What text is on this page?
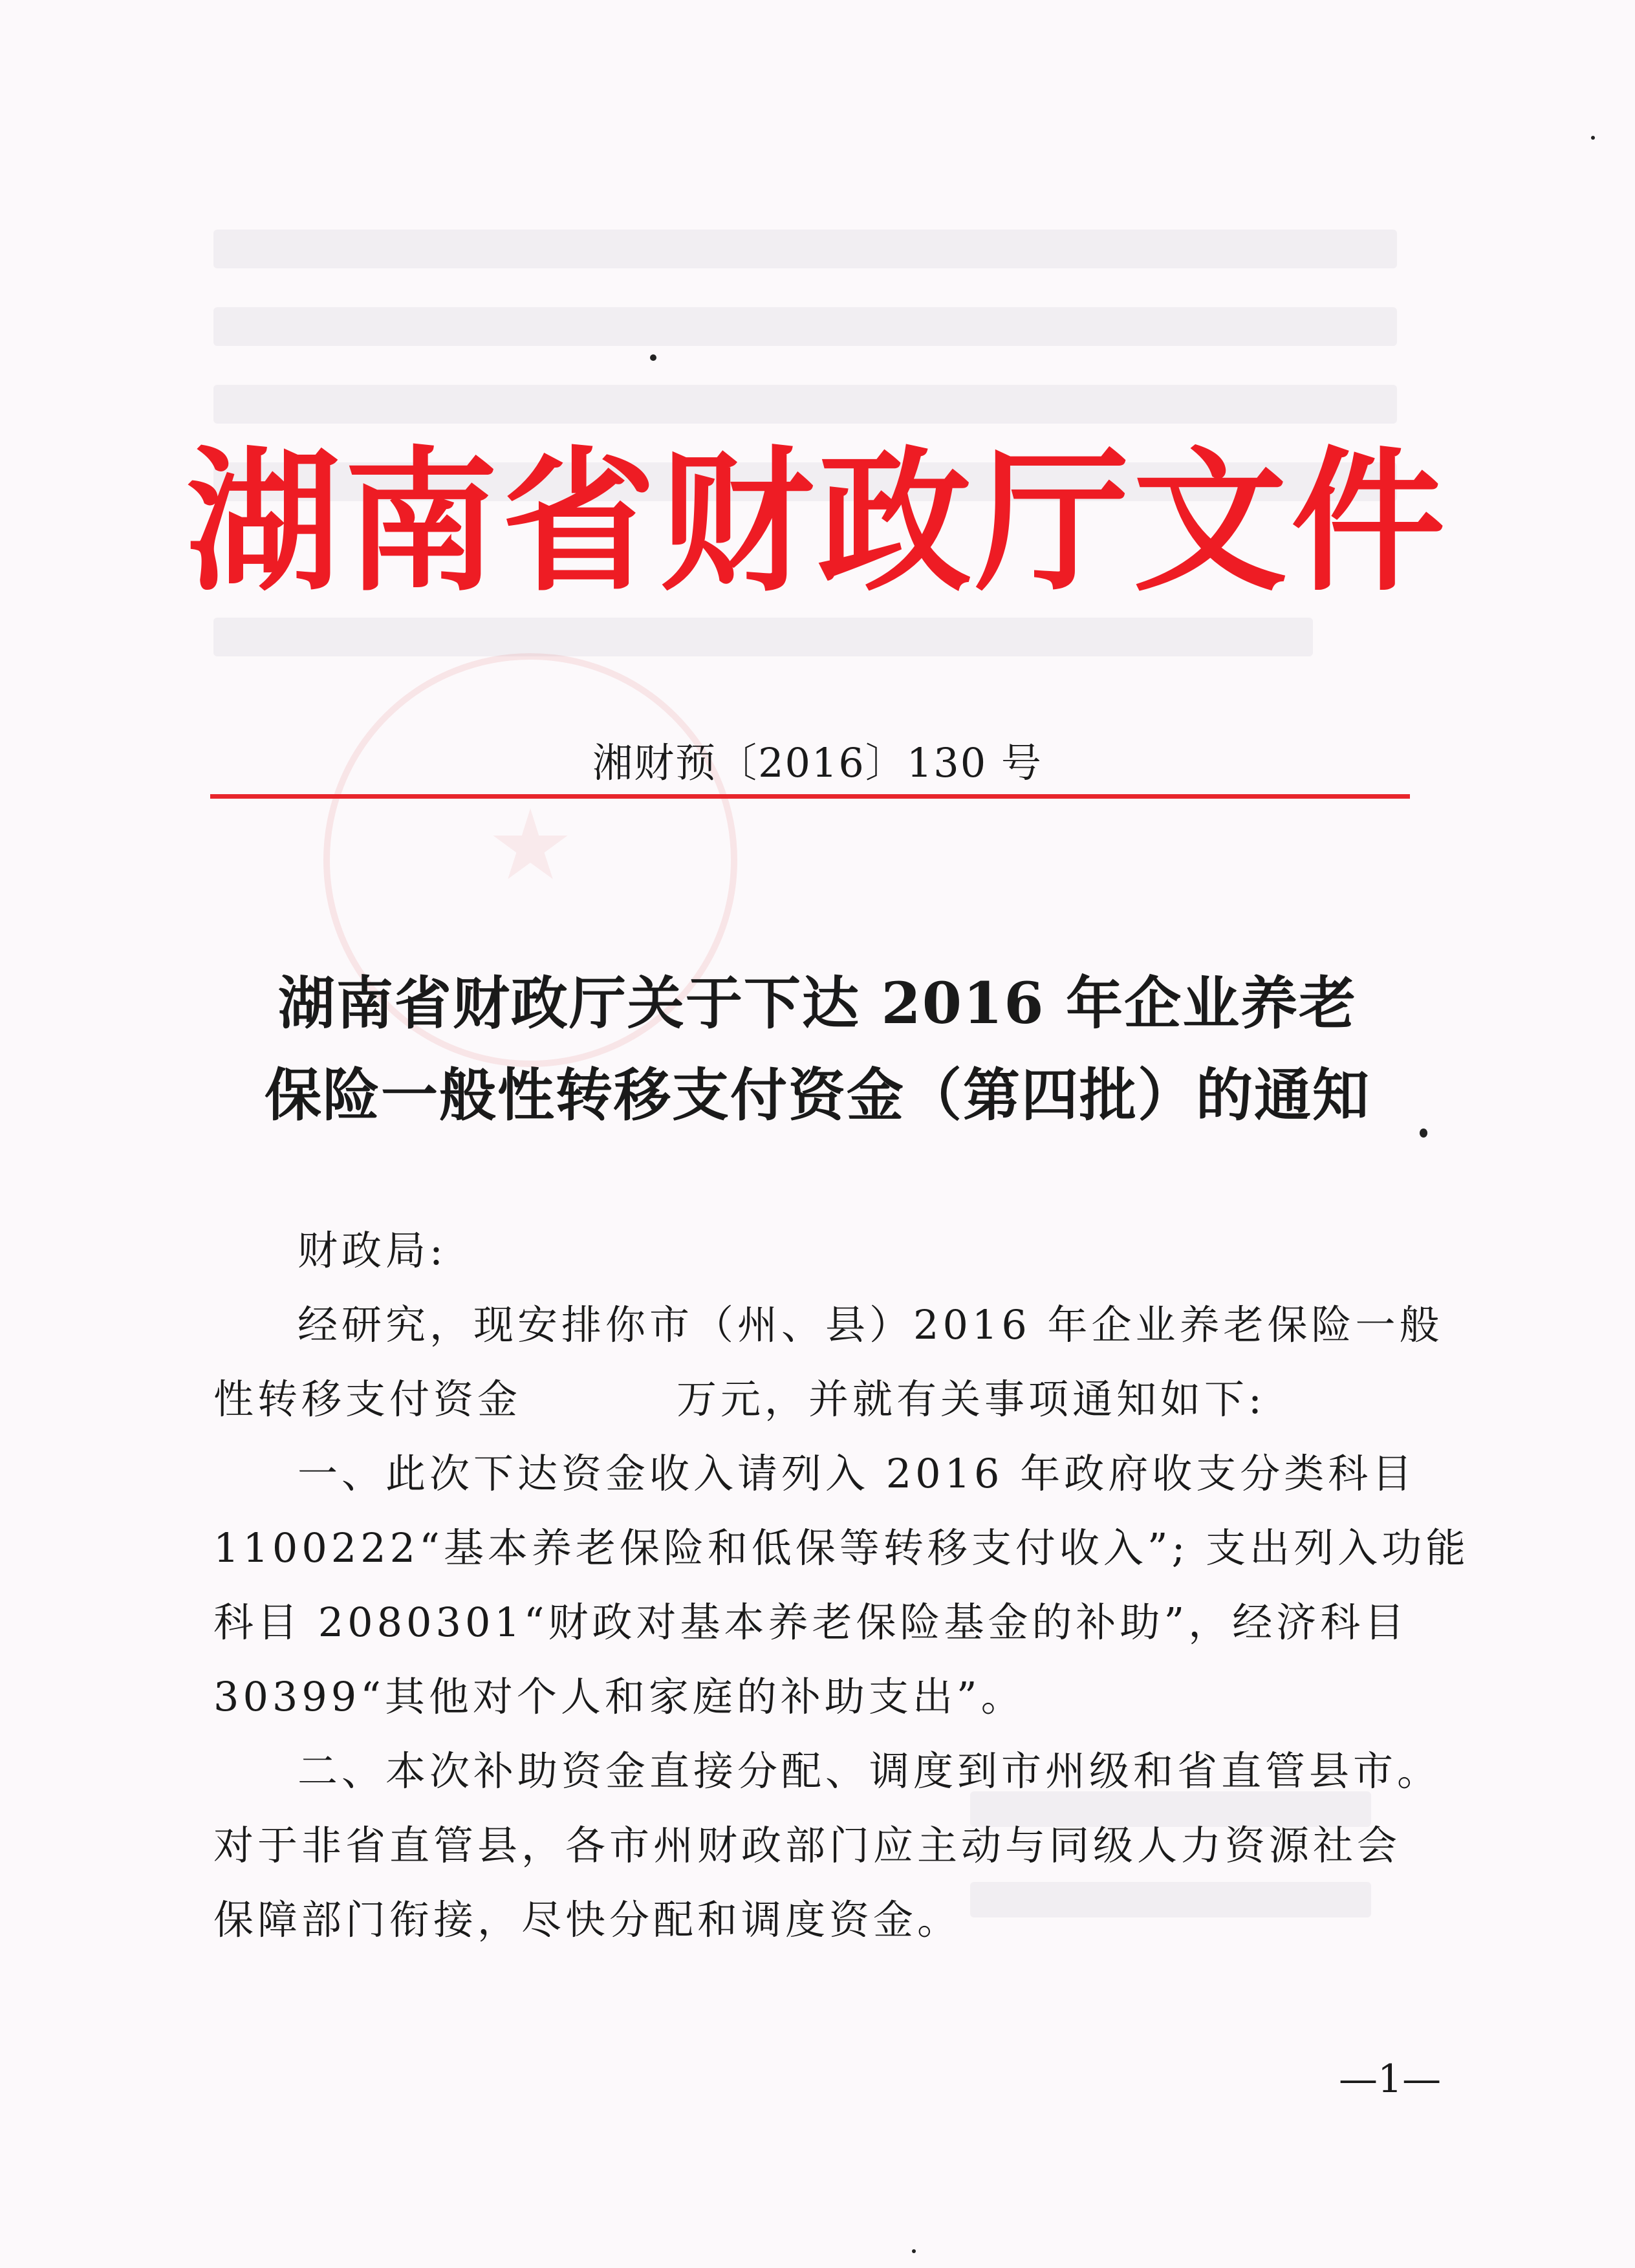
湖南省财政厅文件
湘财预〔2016〕130 号
湖南省财政厅关于下达 2016 年企业养老
保险一般性转移支付资金（第四批）的通知

财政局:

经研究，现安排你市（州、县）2016 年企业养老保险一般

性转移支付资金	万元，并就有关事项通知如下:

一、此次下达资金收入请列入 2016 年政府收支分类科目

1100222“基本养老保险和低保等转移支付收入”; 支出列入功能

科目 2080301“财政对基本养老保险基金的补助”，经济科目

30399“其他对个人和家庭的补助支出”。

二、本次补助资金直接分配、调度到市州级和省直管县市。

对于非省直管县，各市州财政部门应主动与同级人力资源社会

保障部门衔接，尽快分配和调度资金。

—1—
